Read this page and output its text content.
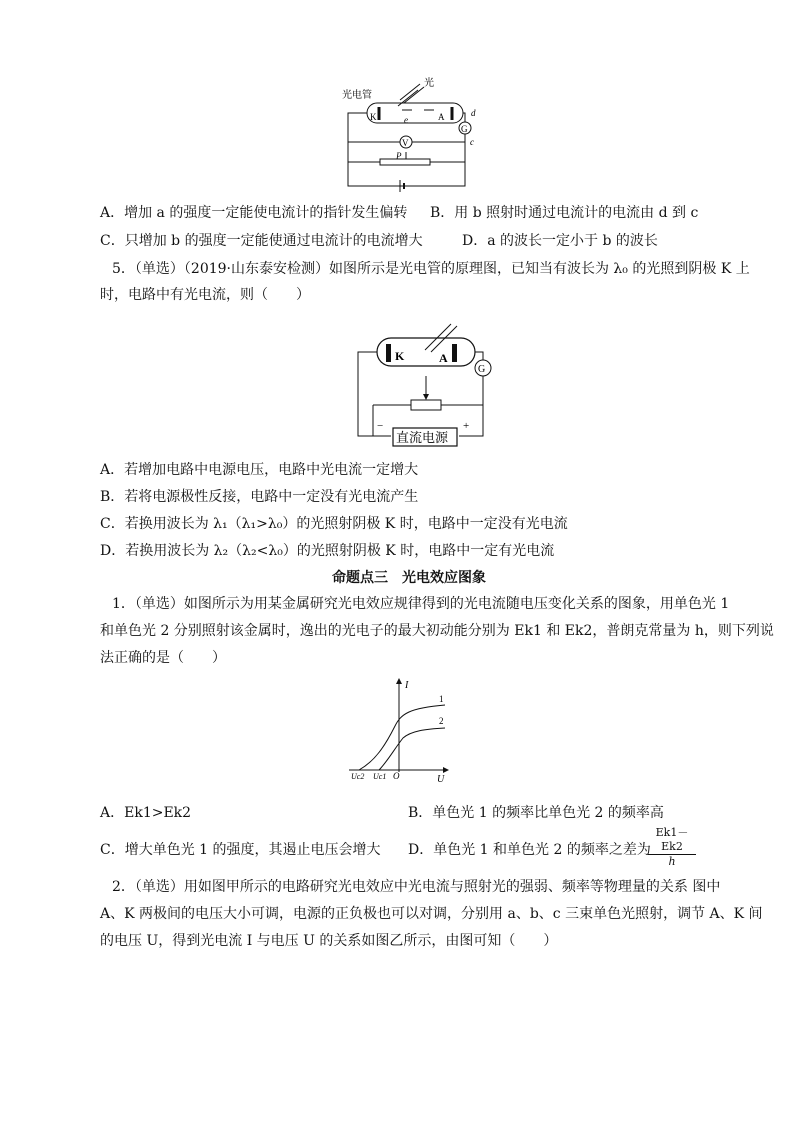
光电管
光
K	A
e
G
d
c
V
P
A．增加 a 的强度一定能使电流计的指针发生偏转 B．用 b 照射时通过电流计的电流由 d 到 c
C．只增加 b 的强度一定能使通过电流计的电流增大	D．a 的波长一定小于 b 的波长
5．（单选）（2019·山东泰安检测）如图所示是光电管的原理图，已知当有波长为 λ₀ 的光照到阴极 K 上
时，电路中有光电流，则（　　）
K	A
G
−	+
直流电源
A．若增加电路中电源电压，电路中光电流一定增大
B．若将电源极性反接，电路中一定没有光电流产生
C．若换用波长为 λ₁（λ₁>λ₀）的光照射阴极 K 时，电路中一定没有光电流
D．若换用波长为 λ₂（λ₂<λ₀）的光照射阴极 K 时，电路中一定有光电流
命题点三　光电效应图象
1．（单选）如图所示为用某金属研究光电效应规律得到的光电流随电压变化关系的图象，用单色光 1
和单色光 2 分别照射该金属时，逸出的光电子的最大初动能分别为 Ek1 和 Ek2，普朗克常量为 h，则下列说
法正确的是（　　）
I
U
O
Uc2 Uc1
1
2
A．Ek1>Ek2	B．单色光 1 的频率比单色光 2 的频率高
C．增大单色光 1 的强度，其遏止电压会增大 D．单色光 1 和单色光 2 的频率之差为
$\frac{Ek1-Ek2}{h}$
2．（单选）用如图甲所示的电路研究光电效应中光电流与照射光的强弱、频率等物理量的关系 图中
A、K 两极间的电压大小可调，电源的正负极也可以对调，分别用 a、b、c 三束单色光照射，调节 A、K 间
的电压 U，得到光电流 I 与电压 U 的关系如图乙所示，由图可知（　　）
